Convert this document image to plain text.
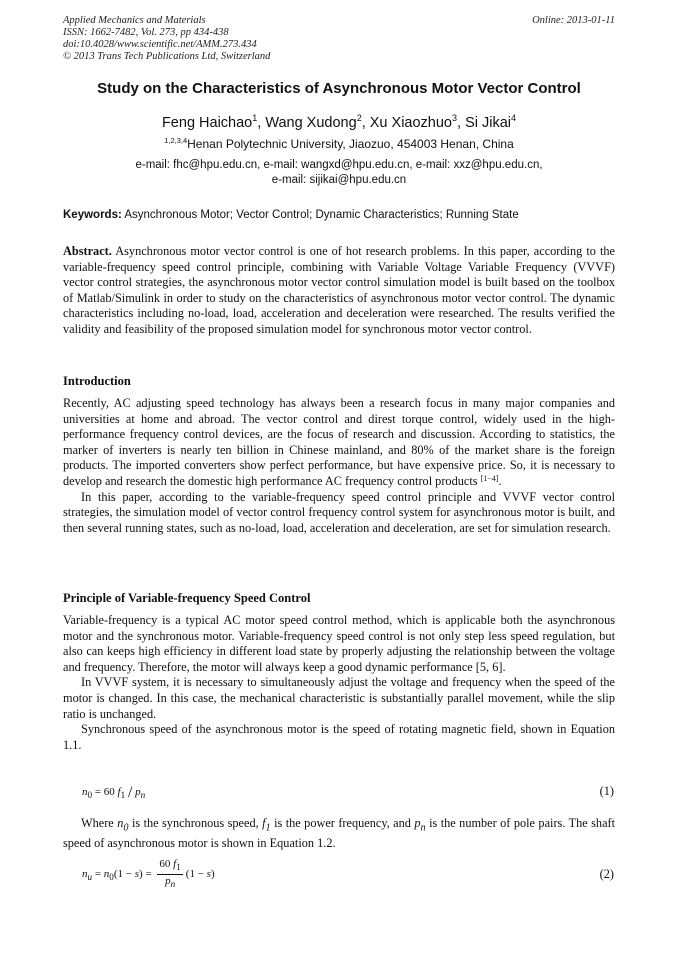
Applied Mechanics and Materials
ISSN: 1662-7482, Vol. 273, pp 434-438
doi:10.4028/www.scientific.net/AMM.273.434
© 2013 Trans Tech Publications Ltd, Switzerland
Online: 2013-01-11
Study on the Characteristics of Asynchronous Motor Vector Control
Feng Haichao$^1$, Wang Xudong$^2$, Xu Xiaozhuo$^3$, Si Jikai$^4$
$^{1,2,3,4}$Henan Polytechnic University, Jiaozuo, 454003 Henan, China
e-mail: fhc@hpu.edu.cn, e-mail: wangxd@hpu.edu.cn, e-mail: xxz@hpu.edu.cn,
e-mail: sijikai@hpu.edu.cn
Keywords: Asynchronous Motor; Vector Control; Dynamic Characteristics; Running State

Abstract. Asynchronous motor vector control is one of hot research problems. In this paper, according to the variable-frequency speed control principle, combining with Variable Voltage Variable Frequency (VVVF) vector control strategies, the asynchronous motor vector control simulation model is built based on the toolbox of Matlab/Simulink in order to study on the characteristics of asynchronous motor vector control. The dynamic characteristics including no-load, load, acceleration and deceleration were researched. The results verified the validity and feasibility of the proposed simulation model for synchronous motor vector control.

Introduction

Recently, AC adjusting speed technology has always been a research focus in many major companies and universities at home and abroad. The vector control and direst torque control, widely used in the high-performance frequency control devices, are the focus of research and discussion. According to statistics, the marker of inverters is nearly ten billion in Chinese mainland, and 80% of the market share is the foreign products. The imported converters show perfect performance, but have expensive price. So, it is necessary to develop and research the domestic high performance AC frequency control products [1−4].

In this paper, according to the variable-frequency speed control principle and VVVF vector control strategies, the simulation model of vector control frequency control system for asynchronous motor is built, and then several running states, such as no-load, load, acceleration and deceleration, are set for simulation research.

Principle of Variable-frequency Speed Control

Variable-frequency is a typical AC motor speed control method, which is applicable both the asynchronous motor and the synchronous motor. Variable-frequency speed control is not only step less speed regulation, but also can keeps high efficiency in different load state by properly adjusting the relationship between the voltage and frequency. Therefore, the motor will always keep a good dynamic performance [5, 6].

In VVVF system, it is necessary to simultaneously adjust the voltage and frequency when the speed of the motor is changed. In this case, the mechanical characteristic is substantially parallel movement, while the slip ratio is unchanged.

Synchronous speed of the asynchronous motor is the speed of rotating magnetic field, shown in Equation 1.1.

$n_0 = 60$ $f_1 / p_n$	(1)

Where $n_0$ is the synchronous speed, $f_1$ is the power frequency, and $p_n$ is the number of pole pairs. The shaft speed of asynchronous motor is shown in Equation 1.2.

$n_u = n_0(1 - s) = \frac{60 f_1}{p_n} (1 - s)$	(2)
